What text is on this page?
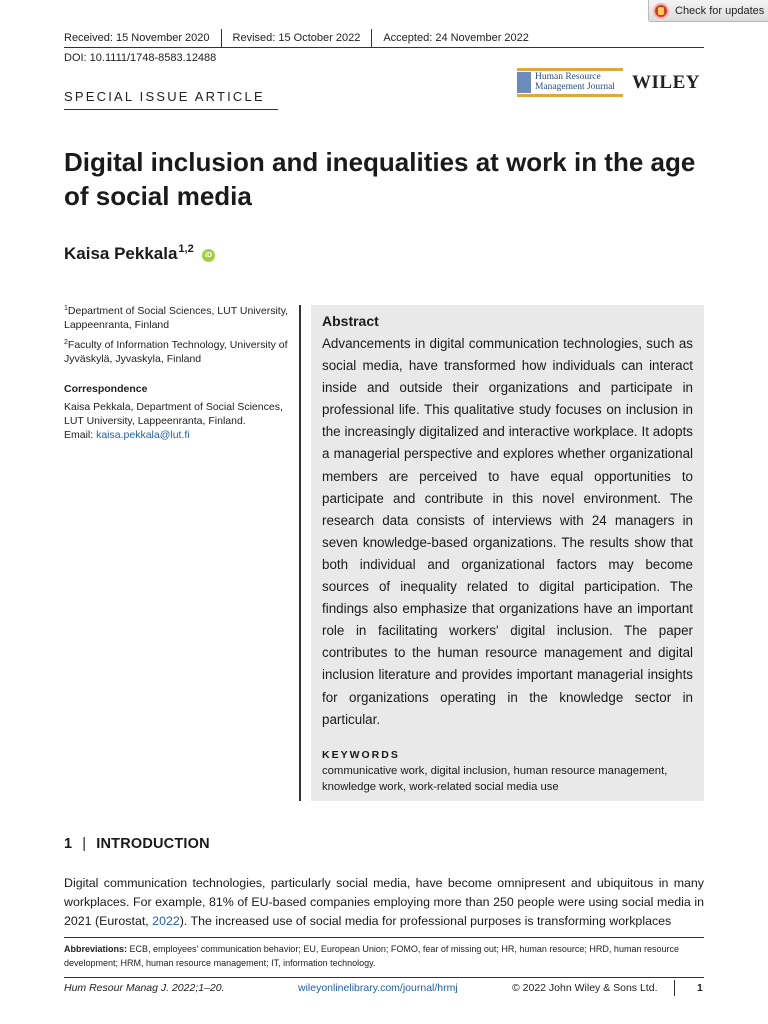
Check for updates
Received: 15 November 2020 Revised: 15 October 2022 Accepted: 24 November 2022
DOI: 10.1111/1748-8583.12488
SPECIAL ISSUE ARTICLE
Human Resource
Management Journal WILEY
Digital inclusion and inequalities at work in the age of social media
Kaisa Pekkala$^{1,2}$
iD
$^1$Department of Social Sciences, LUT University, Lappeenranta, Finland
$^2$Faculty of Information Technology, University of Jyväskylä, Jyvaskyla, Finland
Correspondence
Kaisa Pekkala, Department of Social Sciences, LUT University, Lappeenranta, Finland.
Email: kaisa.pekkala@lut.fi
Abstract

Advancements in digital communication technologies, such as social media, have transformed how individuals can interact inside and outside their organizations and participate in professional life. This qualitative study focuses on inclusion in the increasingly digitalized and interactive workplace. It adopts a managerial perspective and explores whether organizational members are perceived to have equal opportunities to participate and contribute in this novel environment. The research data consists of interviews with 24 managers in seven knowledge-based organizations. The results show that both individual and organizational factors may become sources of inequality related to digital participation. The findings also emphasize that organizations have an important role in facilitating workers' digital inclusion. The paper contributes to the human resource management and digital inclusion literature and provides important managerial insights for organizations operating in the knowledge sector in particular.

KEYWORDS
communicative work, digital inclusion, human resource management, knowledge work, work-related social media use
1 | INTRODUCTION

Digital communication technologies, particularly social media, have become omnipresent and ubiquitous in many workplaces. For example, 81% of EU-based companies employing more than 250 people were using social media in 2021 (Eurostat, 2022). The increased use of social media for professional purposes is transforming workplaces

Abbreviations: ECB, employees' communication behavior; EU, European Union; FOMO, fear of missing out; HR, human resource; HRD, human resource development; HRM, human resource management; IT, information technology.
Hum Resour Manag J. 2022;1–20.	wileyonlinelibrary.com/journal/hrmj	© 2022 John Wiley & Sons Ltd.	1
